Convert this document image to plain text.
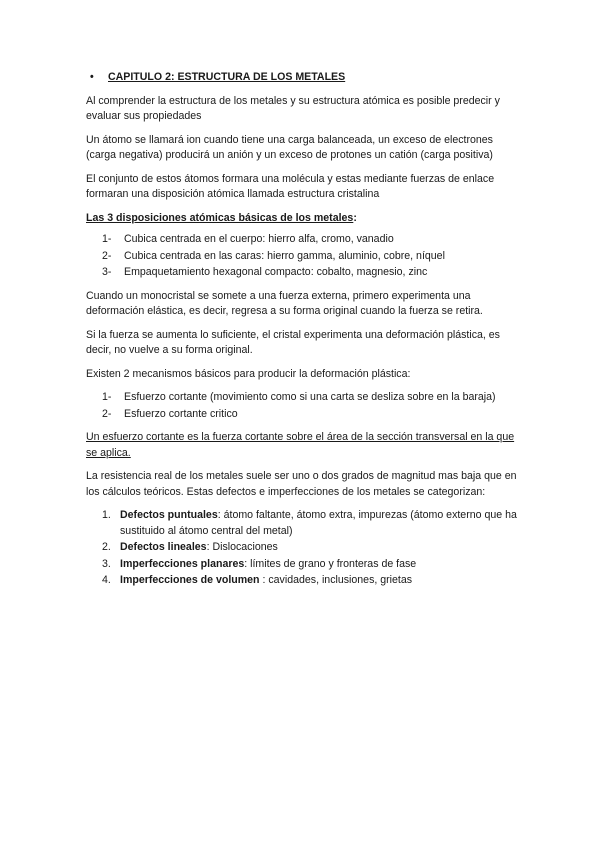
•	CAPITULO 2: ESTRUCTURA DE LOS METALES

Al comprender la estructura de los metales y su estructura atómica es posible predecir y evaluar sus propiedades

Un átomo se llamará ion cuando tiene una carga balanceada, un exceso de electrones (carga negativa) producirá un anión y un exceso de protones un catión (carga positiva)

El conjunto de estos átomos formara una molécula y estas mediante fuerzas de enlace formaran una disposición atómica llamada estructura cristalina

Las 3 disposiciones atómicas básicas de los metales:
1-	Cubica centrada en el cuerpo: hierro alfa, cromo, vanadio
2-	Cubica centrada en las caras: hierro gamma, aluminio, cobre, níquel
3-	Empaquetamiento hexagonal compacto: cobalto, magnesio, zinc

Cuando un monocristal se somete a una fuerza externa, primero experimenta una deformación elástica, es decir, regresa a su forma original cuando la fuerza se retira.

Si la fuerza se aumenta lo suficiente, el cristal experimenta una deformación plástica, es decir, no vuelve a su forma original.

Existen 2 mecanismos básicos para producir la deformación plástica:

1-	Esfuerzo cortante (movimiento como si una carta se desliza sobre en la baraja)
2-	Esfuerzo cortante critico

Un esfuerzo cortante es la fuerza cortante sobre el área de la sección transversal en la que se aplica.

La resistencia real de los metales suele ser uno o dos grados de magnitud mas baja que en los cálculos teóricos. Estas defectos e imperfecciones de los metales se categorizan:

1. Defectos puntuales: átomo faltante, átomo extra, impurezas (átomo externo que ha sustituido al átomo central del metal)
2. Defectos lineales: Dislocaciones
3. Imperfecciones planares: límites de grano y fronteras de fase
4. Imperfecciones de volumen : cavidades, inclusiones, grietas
